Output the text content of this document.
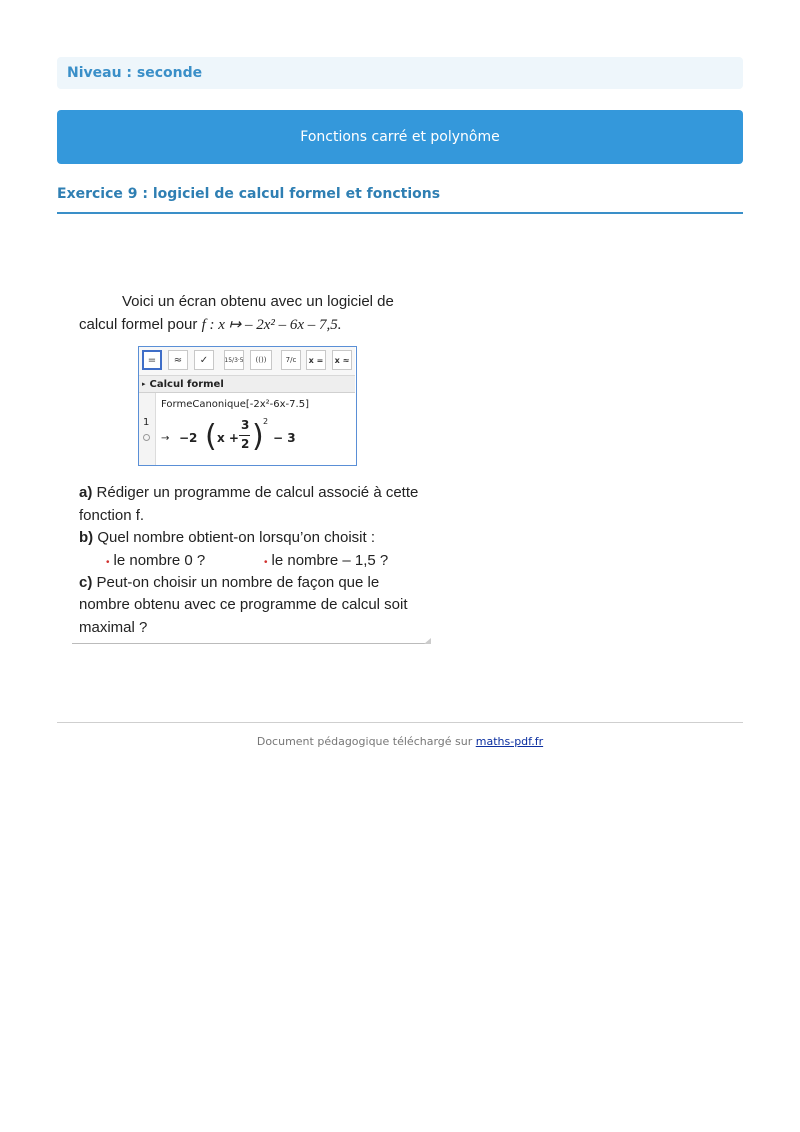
Niveau : seconde
Fonctions carré et polynôme
Exercice 9 : logiciel de calcul formel et fonctions
Voici un écran obtenu avec un logiciel de
calcul formel pour f : x ↦ – 2x² – 6x – 7,5.
=	≈	✓	15/3·5	(())	7/c	x =	x ≈
▸ Calcul formel
1
FormeCanonique[-2x²-6x-7.5]
→ −2 ( x +
3
2 ) 2
− 3
a) Rédiger un programme de calcul associé à cette
fonction f.
b) Quel nombre obtient-on lorsqu’on choisit :
• le nombre 0 ?	• le nombre – 1,5 ?
c) Peut-on choisir un nombre de façon que le
nombre obtenu avec ce programme de calcul soit
maximal ?
Document pédagogique téléchargé sur maths-pdf.fr
